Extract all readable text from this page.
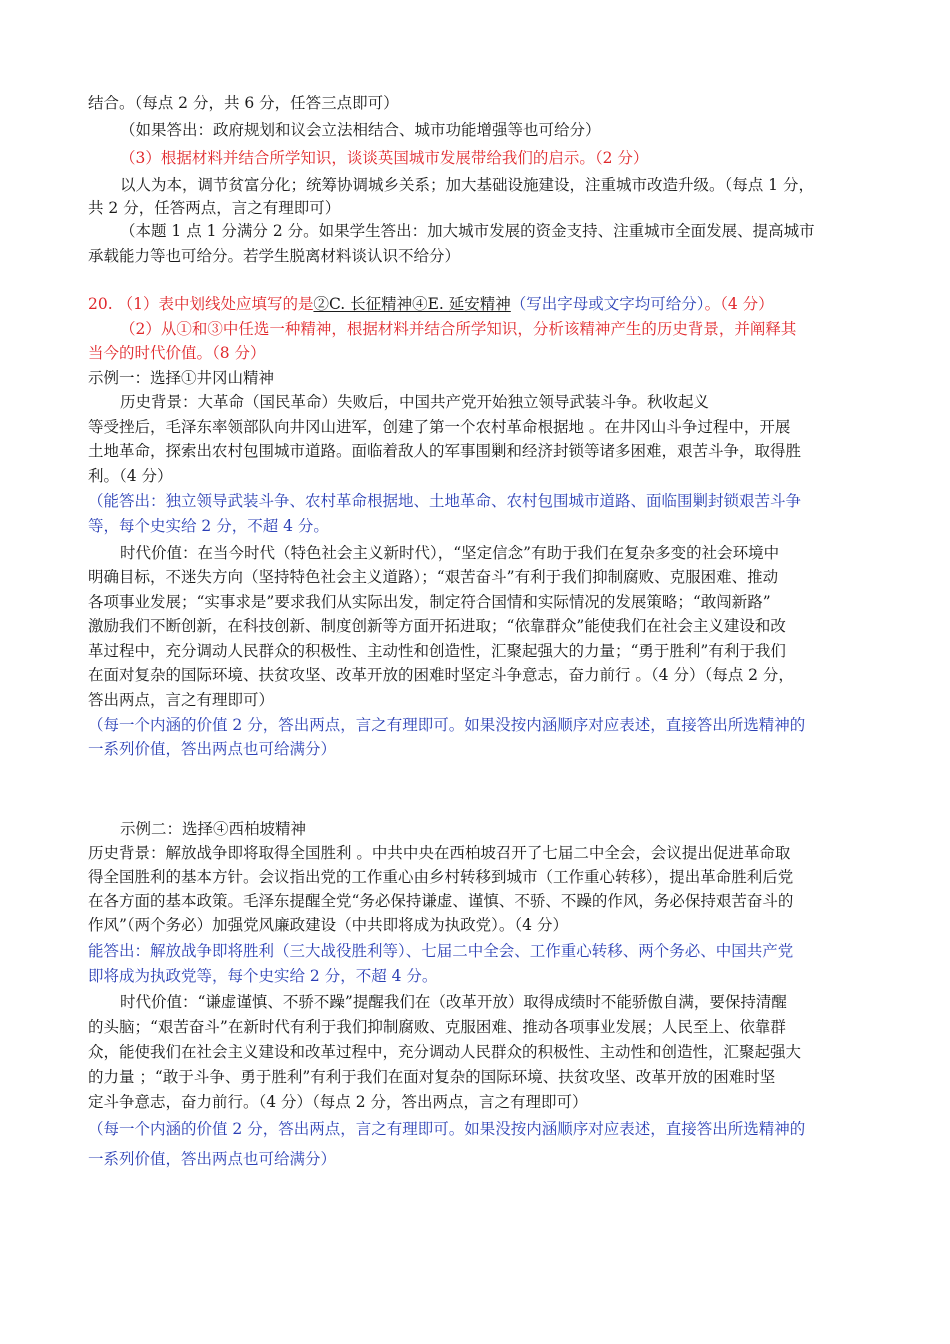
结合。（每点 2 分，共 6 分，任答三点即可）
（如果答出：政府规划和议会立法相结合、城市功能增强等也可给分）
（3）根据材料并结合所学知识，谈谈英国城市发展带给我们的启示。（2 分）
以人为本，调节贫富分化；统筹协调城乡关系；加大基础设施建设，注重城市改造升级。（每点 1 分，
共 2 分，任答两点，言之有理即可）
（本题 1 点 1 分满分 2 分。如果学生答出：加大城市发展的资金支持、注重城市全面发展、提高城市
承载能力等也可给分。若学生脱离材料谈认识不给分）
20. （1）表中划线处应填写的是②C. 长征精神④E. 延安精神（写出字母或文字均可给分）。（4 分）
（2）从①和③中任选一种精神，根据材料并结合所学知识，分析该精神产生的历史背景，并阐释其
当今的时代价值。（8 分）
示例一：选择①井冈山精神
历史背景：大革命（国民革命）失败后，中国共产党开始独立领导武装斗争。秋收起义
等受挫后，毛泽东率领部队向井冈山进军，创建了第一个农村革命根据地 。在井冈山斗争过程中，开展
土地革命，探索出农村包围城市道路。面临着敌人的军事围剿和经济封锁等诸多困难，艰苦斗争，取得胜
利。（4 分）
（能答出：独立领导武装斗争、农村革命根据地、土地革命、农村包围城市道路、面临围剿封锁艰苦斗争
等，每个史实给 2 分，不超 4 分。
时代价值：在当今时代（特色社会主义新时代），“坚定信念”有助于我们在复杂多变的社会环境中
明确目标，不迷失方向（坚持特色社会主义道路）；“艰苦奋斗”有利于我们抑制腐败、克服困难、推动
各项事业发展；“实事求是”要求我们从实际出发，制定符合国情和实际情况的发展策略；“敢闯新路”
激励我们不断创新，在科技创新、制度创新等方面开拓进取；“依靠群众”能使我们在社会主义建设和改
革过程中，充分调动人民群众的积极性、主动性和创造性，汇聚起强大的力量；“勇于胜利”有利于我们
在面对复杂的国际环境、扶贫攻坚、改革开放的困难时坚定斗争意志，奋力前行 。（4 分）（每点 2 分，
答出两点，言之有理即可）
（每一个内涵的价值 2 分，答出两点，言之有理即可。如果没按内涵顺序对应表述，直接答出所选精神的
一系列价值，答出两点也可给满分）
示例二：选择④西柏坡精神
历史背景：解放战争即将取得全国胜利 。中共中央在西柏坡召开了七届二中全会，会议提出促进革命取
得全国胜利的基本方针。会议指出党的工作重心由乡村转移到城市（工作重心转移），提出革命胜利后党
在各方面的基本政策。毛泽东提醒全党“务必保持谦虚、谨慎、不骄、不躁的作风，务必保持艰苦奋斗的
作风”（两个务必）加强党风廉政建设（中共即将成为执政党）。（4 分）
能答出：解放战争即将胜利（三大战役胜利等）、七届二中全会、工作重心转移、两个务必、中国共产党
即将成为执政党等，每个史实给 2 分，不超 4 分。
时代价值：“谦虚谨慎、不骄不躁”提醒我们在（改革开放）取得成绩时不能骄傲自满，要保持清醒
的头脑；“艰苦奋斗”在新时代有利于我们抑制腐败、克服困难、推动各项事业发展；人民至上、依靠群
众，能使我们在社会主义建设和改革过程中，充分调动人民群众的积极性、主动性和创造性，汇聚起强大
的力量 ；“敢于斗争、勇于胜利”有利于我们在面对复杂的国际环境、扶贫攻坚、改革开放的困难时坚
定斗争意志，奋力前行。（4 分）（每点 2 分，答出两点，言之有理即可）
（每一个内涵的价值 2 分，答出两点，言之有理即可。如果没按内涵顺序对应表述，直接答出所选精神的
一系列价值，答出两点也可给满分）
